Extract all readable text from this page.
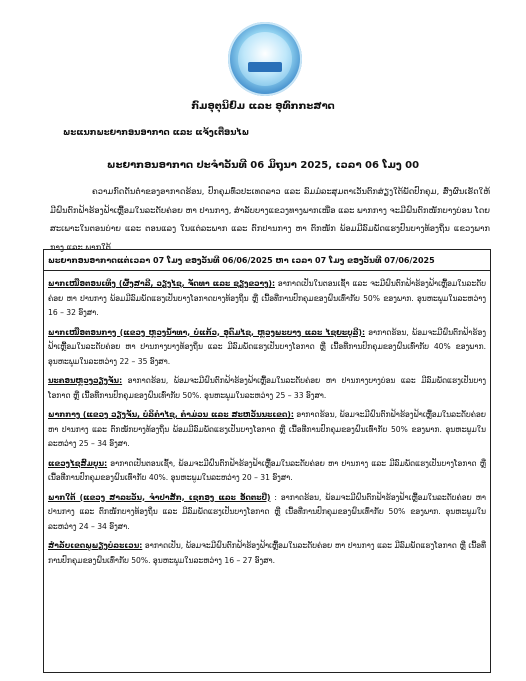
ກົມອຸຕຸນິຍົມ ແລະ ອຸທົກກະສາດ
ພະແນກພະຍາກອນອາກາດ ແລະ ແຈ້ງເຕືອນໄພ
ພະຍາກອນອາກາດ ປະຈໍາວັນທີ 06 ມິຖຸນາ 2025, ເວລາ 06 ໂມງ 00
ຄວາມກົດດັນຕໍ່າຂອງອາກາດຮ້ອນ, ປົກຄຸມທົ່ວປະເທດລາວ ແລະ ລົມມໍລະສຸມຕາເວັນຕົກສ່ຽງໃຕ້ພັດປົກຄຸມ, ສົ່ງຜົນເຮັດໃຫ້ມີຝົນຕົກຟ້າຮ້ອງຟ້າເຫຼື້ອມໃນລະດັບຄ່ອຍ ຫາ ປານກາງ, ສໍາລັບບາງແຂວງທາງພາກເໜືອ ແລະ ພາກກາງ ຈະມີຝົນຕົກໜັກບາງບ່ອນ ໂດຍສະເພາະໃນຕອນບ່າຍ ແລະ ຕອນແລງ ໃນແຕ່ລະພາກ ແລະ ຕົກປານກາງ ຫາ ຕົກໜັກ ພ້ອມມີລົມພັດແຮງປົນບາງທ້ອງຖິ່ນ ແຂວງພາກກາງ ແລະ ພາກໃຕ້ .
ພະຍາກອນອາກາດແຕ່ເວລາ 07 ໂມງ ຂອງວັນທີ 06/06/2025 ຫາ ເວລາ 07 ໂມງ ຂອງວັນທີ 07/06/2025
ພາກເໜືອຕອນເທິງ (ຜົ້ງສາລີ, ວຽງໄຊ, ຈັດທາ ແລະ ຊຽງຂວາງ): ອາກາດເປັນໃນຕອນເຊົ້າ ແລະ ຈະມີຝົນຕົກຟ້າຮ້ອງຟ້າເຫຼື້ອມໃນລະດັບຄ່ອຍ ຫາ ປານກາງ ພ້ອມມີລົມພັດແຮງເປັນບາງໂອກາດບາງທ້ອງຖິ່ນ ຫຼື ເນື້ອທີ່ການປົກຄຸມຂອງຝົນເທົ່າກັບ 50% ຂອງພາກ. ອຸນຫະພູມໃນລະຫວ່າງ 16 – 32 ອົງສາ.
ພາກເໜືອຕອນກາງ (ແຂວງ ຫຼວງນໍ້າທາ, ບໍ່ແກ້ວ, ອຸດົມໄຊ, ຫຼວງພະບາງ ແລະ ໄຊຍະບູລີ): ອາກາດຮ້ອນ, ພ້ອມຈະມີຝົນຕົກຟ້າຮ້ອງຟ້າເຫຼື້ອມໃນລະດັບຄ່ອຍ ຫາ ປານກາງບາງທ້ອງຖິ່ນ ແລະ ມີລົມພັດແຮງເປັນບາງໂອກາດ ຫຼື ເນື້ອທີ່ການປົກຄຸມຂອງຝົນເທົ່າກັບ 40% ຂອງພາກ. ອຸນຫະພູມໃນລະຫວ່າງ 22 – 35 ອົງສາ.
ນະຄອນຫຼວງວຽງຈັນ: ອາກາດຮ້ອນ, ພ້ອມຈະມີຝົນຕົກຟ້າຮ້ອງຟ້າເຫຼື້ອມໃນລະດັບຄ່ອຍ ຫາ ປານກາງບາງບ່ອນ ແລະ ມີລົມພັດແຮງເປັນບາງໂອກາດ ຫຼື ເນື້ອທີ່ການປົກຄຸມຂອງຝົນເທົ່າກັບ 50%. ອຸນຫະພູມໃນລະຫວ່າງ 25 – 33 ອົງສາ.
ພາກກາງ (ແຂວງ ວຽງຈັນ, ບໍລິຄໍາໄຊ, ຄໍາມ່ວນ ແລະ ສະຫວັນນະເຂດ): ອາກາດຮ້ອນ, ພ້ອມຈະມີຝົນຕົກຟ້າຮ້ອງຟ້າເຫຼື້ອມໃນລະດັບຄ່ອຍ ຫາ ປານກາງ ແລະ ຕົກໜັກບາງທ້ອງຖິ່ນ ພ້ອມມີລົມພັດແຮງເປັນບາງໂອກາດ ຫຼື ເນື້ອທີ່ການປົກຄຸມຂອງຝົນເທົ່າກັບ 50% ຂອງພາກ. ອຸນຫະພູມໃນລະຫວ່າງ 25 – 34 ອົງສາ.
ແຂວງໄຊສົມບູນ: ອາກາດເປັນຕອນເຊົ້າ, ພ້ອມຈະມີຝົນຕົກຟ້າຮ້ອງຟ້າເຫຼື້ອມໃນລະດັບຄ່ອຍ ຫາ ປານກາງ ແລະ ມີລົມພັດແຮງເປັນບາງໂອກາດ ຫຼື ເນື້ອທີ່ການປົກຄຸມຂອງຝົນເທົ່າກັບ 40%. ອຸນຫະພູມໃນລະຫວ່າງ 20 – 31 ອົງສາ.
ພາກໃຕ້ (ແຂວງ ສາລະວັນ, ຈໍາປາສັກ, ເຊກອງ ແລະ ອັດຕະປື) : ອາກາດຮ້ອນ, ພ້ອມຈະມີຝົນຕົກຟ້າຮ້ອງຟ້າເຫຼື້ອມໃນລະດັບຄ່ອຍ ຫາ ປານກາງ ແລະ ຕົກໜັກບາງທ້ອງຖິ່ນ ແລະ ມີລົມພັດແຮງເປັນບາງໂອກາດ ຫຼື ເນື້ອທີ່ການປົກຄຸມຂອງຝົນເທົ່າກັບ 50% ຂອງພາກ. ອຸນຫະພູມໃນລະຫວ່າງ 24 – 34 ອົງສາ.
ສໍາລັບເຂດພູພຽງບໍລະເວນ: ອາກາດເປັນ, ພ້ອມຈະມີຝົນຕົກຟ້າຮ້ອງຟ້າເຫຼື້ອມໃນລະດັບຄ່ອຍ ຫາ ປານກາງ ແລະ ມີລົມພັດແຮງໂອກາດ ຫຼື ເນື້ອທີ່ການປົກຄຸມຂອງຝົນເທົ່າກັບ 50%. ອຸນຫະພູມໃນລະຫວ່າງ 16 – 27 ອົງສາ.
